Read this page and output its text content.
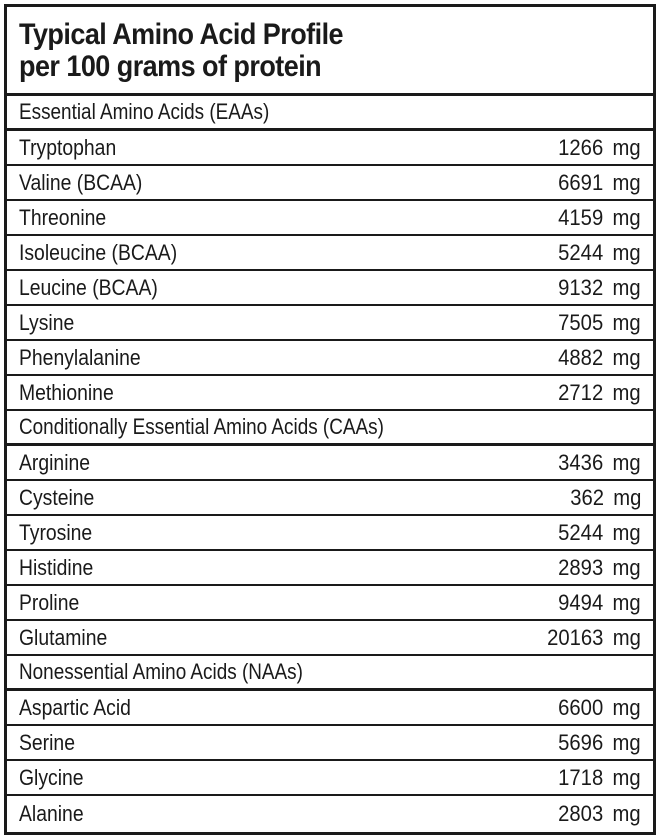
Typical Amino Acid Profile
per 100 grams of protein
Essential Amino Acids (EAAs)
Tryptophan	1266 mg
Valine (BCAA)	6691 mg
Threonine	4159 mg
Isoleucine (BCAA)	5244 mg
Leucine (BCAA)	9132 mg
Lysine	7505 mg
Phenylalanine	4882 mg
Methionine	2712 mg
Conditionally Essential Amino Acids (CAAs)
Arginine	3436 mg
Cysteine	362 mg
Tyrosine	5244 mg
Histidine	2893 mg
Proline	9494 mg
Glutamine	20163 mg
Nonessential Amino Acids (NAAs)
Aspartic Acid	6600 mg
Serine	5696 mg
Glycine	1718 mg
Alanine	2803 mg
